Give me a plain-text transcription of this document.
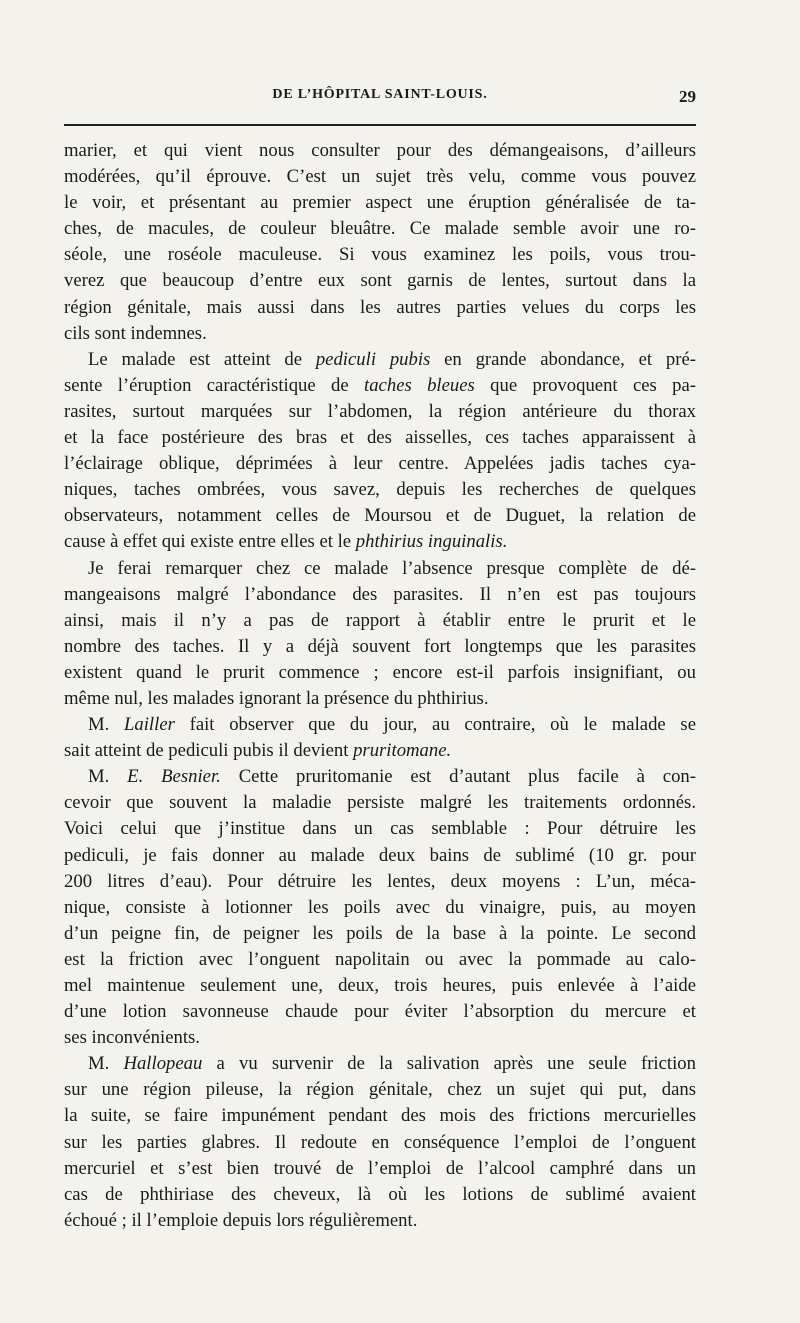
DE L’HÔPITAL SAINT-LOUIS.	29
marier, et qui vient nous consulter pour des démangeaisons, d’ailleurs
modérées, qu’il éprouve. C’est un sujet très velu, comme vous pouvez
le voir, et présentant au premier aspect une éruption généralisée de ta-
ches, de macules, de couleur bleuâtre. Ce malade semble avoir une ro-
séole, une roséole maculeuse. Si vous examinez les poils, vous trou-
verez que beaucoup d’entre eux sont garnis de lentes, surtout dans la
région génitale, mais aussi dans les autres parties velues du corps les
cils sont indemnes.
Le malade est atteint de pediculi pubis en grande abondance, et pré-
sente l’éruption caractéristique de taches bleues que provoquent ces pa-
rasites, surtout marquées sur l’abdomen, la région antérieure du thorax
et la face postérieure des bras et des aisselles, ces taches apparaissent à
l’éclairage oblique, déprimées à leur centre. Appelées jadis taches cya-
niques, taches ombrées, vous savez, depuis les recherches de quelques
observateurs, notamment celles de Moursou et de Duguet, la relation de
cause à effet qui existe entre elles et le phthirius inguinalis.
Je ferai remarquer chez ce malade l’absence presque complète de dé-
mangeaisons malgré l’abondance des parasites. Il n’en est pas toujours
ainsi, mais il n’y a pas de rapport à établir entre le prurit et le
nombre des taches. Il y a déjà souvent fort longtemps que les parasites
existent quand le prurit commence ; encore est-il parfois insignifiant, ou
même nul, les malades ignorant la présence du phthirius.
M. Lailler fait observer que du jour, au contraire, où le malade se
sait atteint de pediculi pubis il devient pruritomane.
M. E. Besnier. Cette pruritomanie est d’autant plus facile à con-
cevoir que souvent la maladie persiste malgré les traitements ordonnés.
Voici celui que j’institue dans un cas semblable : Pour détruire les
pediculi, je fais donner au malade deux bains de sublimé (10 gr. pour
200 litres d’eau). Pour détruire les lentes, deux moyens : L’un, méca-
nique, consiste à lotionner les poils avec du vinaigre, puis, au moyen
d’un peigne fin, de peigner les poils de la base à la pointe. Le second
est la friction avec l’onguent napolitain ou avec la pommade au calo-
mel maintenue seulement une, deux, trois heures, puis enlevée à l’aide
d’une lotion savonneuse chaude pour éviter l’absorption du mercure et
ses inconvénients.
M. Hallopeau a vu survenir de la salivation après une seule friction
sur une région pileuse, la région génitale, chez un sujet qui put, dans
la suite, se faire impunément pendant des mois des frictions mercurielles
sur les parties glabres. Il redoute en conséquence l’emploi de l’onguent
mercuriel et s’est bien trouvé de l’emploi de l’alcool camphré dans un
cas de phthiriase des cheveux, là où les lotions de sublimé avaient
échoué ; il l’emploie depuis lors régulièrement.
